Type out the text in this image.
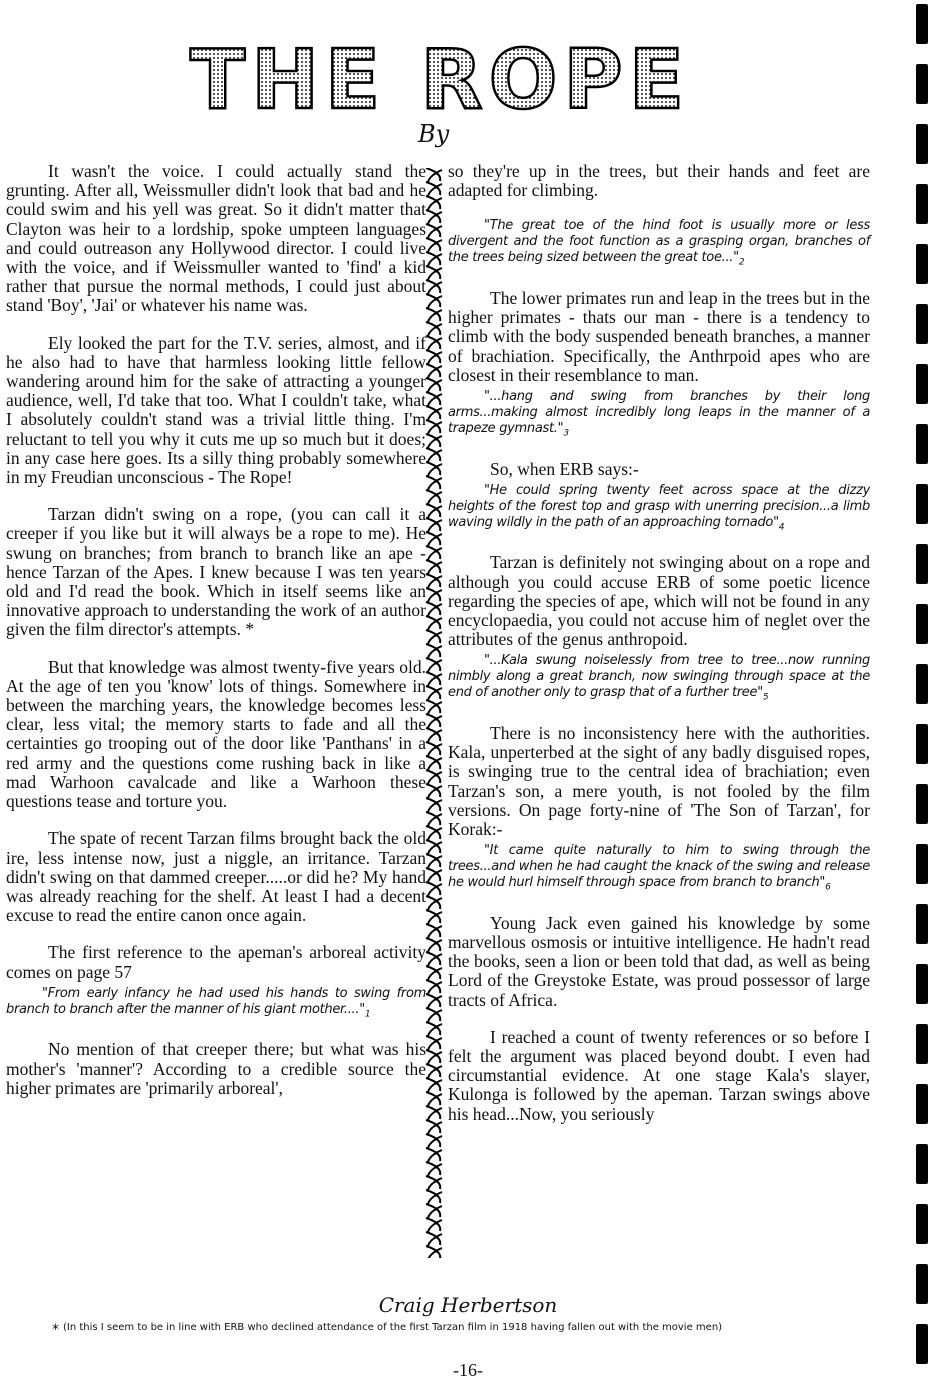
THE ROPE
By

It wasn't the voice. I could actually stand the grunting. After all, Weissmuller didn't look that bad and he could swim and his yell was great. So it didn't matter that Clayton was heir to a lordship, spoke umpteen languages and could outreason any Hollywood director. I could live with the voice, and if Weissmuller wanted to 'find' a kid rather that pursue the normal methods, I could just about stand 'Boy', 'Jai' or whatever his name was.

Ely looked the part for the T.V. series, almost, and if he also had to have that harmless looking little fellow wandering around him for the sake of attracting a younger audience, well, I'd take that too. What I couldn't take, what I absolutely couldn't stand was a trivial little thing. I'm reluctant to tell you why it cuts me up so much but it does; in any case here goes. Its a silly thing probably somewhere in my Freudian unconscious - The Rope!

Tarzan didn't swing on a rope, (you can call it a creeper if you like but it will always be a rope to me). He swung on branches; from branch to branch like an ape - hence Tarzan of the Apes. I knew because I was ten years old and I'd read the book. Which in itself seems like an innovative approach to understanding the work of an author given the film director's attempts. *

But that knowledge was almost twenty-five years old. At the age of ten you 'know' lots of things. Somewhere in between the marching years, the knowledge becomes less clear, less vital; the memory starts to fade and all the certainties go trooping out of the door like 'Panthans' in a red army and the questions come rushing back in like a mad Warhoon cavalcade and like a Warhoon these questions tease and torture you.

The spate of recent Tarzan films brought back the old ire, less intense now, just a niggle, an irritance. Tarzan didn't swing on that dammed creeper.....or did he? My hand was already reaching for the shelf. At least I had a decent excuse to read the entire canon once again.

The first reference to the apeman's arboreal activity comes on page 57

"From early infancy he had used his hands to swing from branch to branch after the manner of his giant $mother...."_1$

No mention of that creeper there; but what was his mother's 'manner'? According to a credible source the higher primates are 'primarily arboreal',

so they're up in the trees, but their hands and feet are adapted for climbing.

"The great toe of the hind foot is usually more or less divergent and the foot function as a grasping organ, branches of the trees being sized between the great $toe..."_2$

The lower primates run and leap in the trees but in the higher primates - thats our man - there is a tendency to climb with the body suspended beneath branches, a manner of brachiation. Specifically, the Anthrpoid apes who are closest in their resemblance to man.

"...hang and swing from branches by their long arms...making almost incredibly long leaps in the manner of a trapeze $gymnast."_3$

So, when ERB says:-

"He could spring twenty feet across space at the dizzy heights of the forest top and grasp with unerring precision...a limb waving wildly in the path of an approaching $tornado"_4$

Tarzan is definitely not swinging about on a rope and although you could accuse ERB of some poetic licence regarding the species of ape, which will not be found in any encyclopaedia, you could not accuse him of neglet over the attributes of the genus anthropoid.

"...Kala swung noiselessly from tree to tree...now running nimbly along a great branch, now swinging through space at the end of another only to grasp that of a further $tree"_5$

There is no inconsistency here with the authorities. Kala, unperterbed at the sight of any badly disguised ropes, is swinging true to the central idea of brachiation; even Tarzan's son, a mere youth, is not fooled by the film versions. On page forty-nine of 'The Son of Tarzan', for Korak:-

"It came quite naturally to him to swing through the trees...and when he had caught the knack of the swing and release he would hurl himself through space from branch to $branch"_6$

Young Jack even gained his knowledge by some marvellous osmosis or intuitive intelligence. He hadn't read the books, seen a lion or been told that dad, as well as being Lord of the Greystoke Estate, was proud possessor of large tracts of Africa.

I reached a count of twenty references or so before I felt the argument was placed beyond doubt. I even had circumstantial evidence. At one stage Kala's slayer, Kulonga is followed by the apeman. Tarzan swings above his head...Now, you seriously

Craig Herbertson
* (In this I seem to be in line with ERB who declined attendance of the first Tarzan film in 1918 having fallen out with the movie men)
-16-
